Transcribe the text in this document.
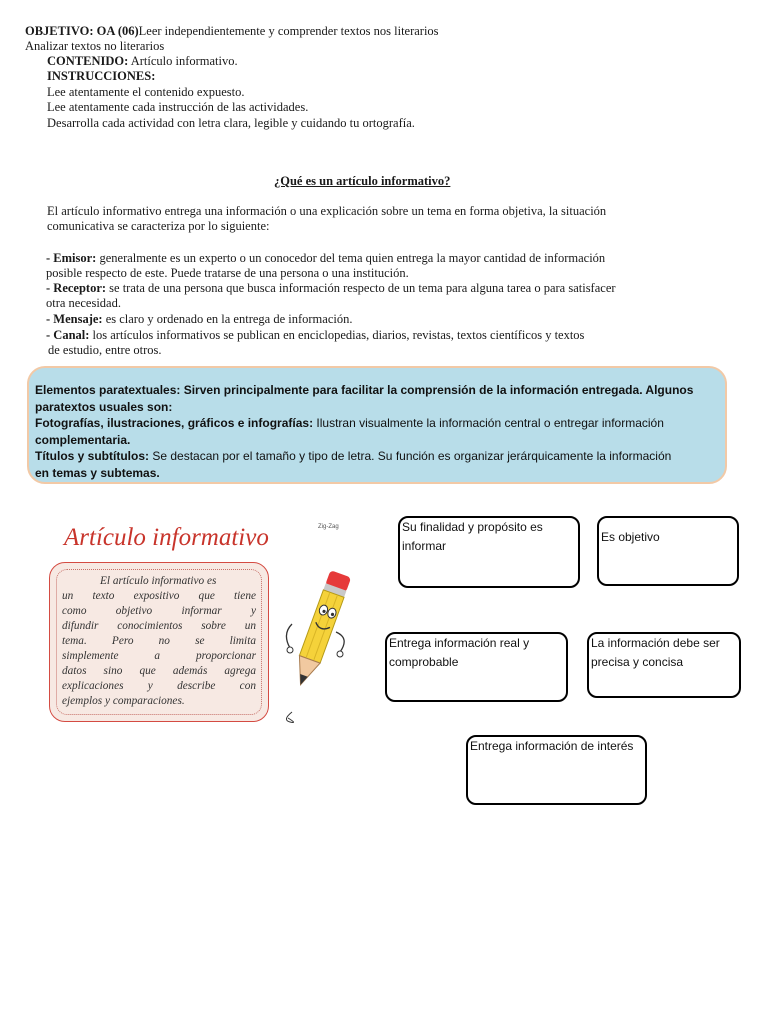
OBJETIVO: OA (06)Leer independientemente y comprender textos nos literarios
Analizar textos no literarios
CONTENIDO: Artículo informativo.
INSTRUCCIONES:
Lee atentamente el contenido expuesto.
Lee atentamente cada instrucción de las actividades.
Desarrolla cada actividad con letra clara, legible y cuidando tu ortografía.
¿Qué es un artículo informativo?
El artículo informativo entrega una información o una explicación sobre un tema en forma objetiva, la situación
comunicativa se caracteriza por lo siguiente:
- Emisor: generalmente es un experto o un conocedor del tema quien entrega la mayor cantidad de información
posible respecto de este. Puede tratarse de una persona o una institución.
- Receptor: se trata de una persona que busca información respecto de un tema para alguna tarea o para satisfacer
otra necesidad.
- Mensaje: es claro y ordenado en la entrega de información.
- Canal: los artículos informativos se publican en enciclopedias, diarios, revistas, textos científicos y textos
de estudio, entre otros.
Elementos paratextuales: Sirven principalmente para facilitar la comprensión de la información entregada. Algunos
paratextos usuales son:
Fotografías, ilustraciones, gráficos e infografías: Ilustran visualmente la información central o entregar información
complementaria.
Títulos y subtítulos: Se destacan por el tamaño y tipo de letra. Su función es organizar jerárquicamente la información
en temas y subtemas.
Artículo informativo	Zig-Zag
El artículo informativo es
un texto expositivo que tiene
como objetivo informar y
difundir conocimientos sobre un
tema. Pero no se limita
simplemente a proporcionar
datos sino que además agrega
explicaciones y describe con
ejemplos y comparaciones.
Su finalidad y propósito es
informar
Es objetivo
Entrega información real y
comprobable
La información debe ser
precisa y concisa
Entrega información de interés
